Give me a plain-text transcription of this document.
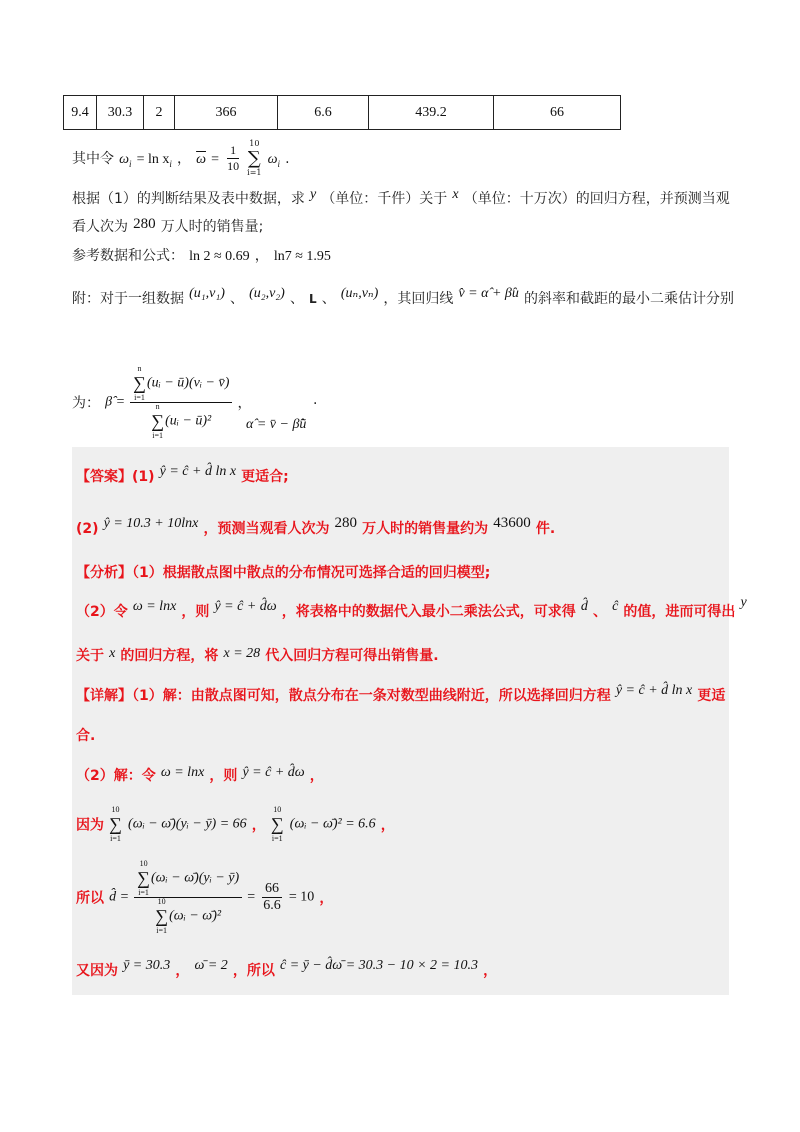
9.4	30.3	2	366	6.6	439.2	66
其中令 $\omega_i = \ln x_i$ ， $\overline{\omega} = \frac{1}{10}$
10
∑
i=1
$\omega_i$ .
根据（1）的判断结果及表中数据，求 y （单位：千件）关于 x （单位：十万次）的回归方程，并预测当观
看人次为 280 万人时的销售量;
参考数据和公式： ln 2 ≈ 0.69 ， ln7 ≈ 1.95
附：对于一组数据 (u₁,v₁) 、 (u₂,v₂) 、 L 、 (uₙ,vₙ) ，其回归线 v̂ = α̂ + β̂u 的斜率和截距的最小二乘估计分别
为： β̂ = n
∑
i=1
(uᵢ − ū)(vᵢ − v̄)
n
∑
i=1
(uᵢ − ū)² ，
α̂ = v̄ − β̂ū
.
【答案】(1) ŷ = ĉ + d̂ ln x 更适合;
(2) ŷ = 10.3 + 10lnx ，预测当观看人次为 280 万人时的销售量约为 43600 件.
【分析】（1）根据散点图中散点的分布情况可选择合适的回归模型;
（2）令 ω = lnx ，则 ŷ = ĉ + d̂ω ，将表格中的数据代入最小二乘法公式，可求得 d̂ 、 ĉ 的值，进而可得出 y
关于 x 的回归方程，将 x = 28 代入回归方程可得出销售量.
【详解】（1）解：由散点图可知，散点分布在一条对数型曲线附近，所以选择回归方程 ŷ = ĉ + d̂ ln x 更适
合.
（2）解：令 ω = lnx ，则 ŷ = ĉ + d̂ω ，
因为
10
∑
i=1
(ωᵢ − ω̄)(yᵢ − ȳ) = 66 ，
10
∑
i=1
(ωᵢ − ω̄)² = 6.6 ，
所以 d̂ = 10
∑
i=1
(ωᵢ − ω̄)(yᵢ − ȳ)
10
∑
i=1
(ωᵢ − ω̄)² = $\frac{66}{6.6} = 10$ ，
又因为 ȳ = 30.3 ， ω̄ = 2 ，所以 ĉ = ȳ − d̂ω̄ = 30.3 − 10 × 2 = 10.3 ，
